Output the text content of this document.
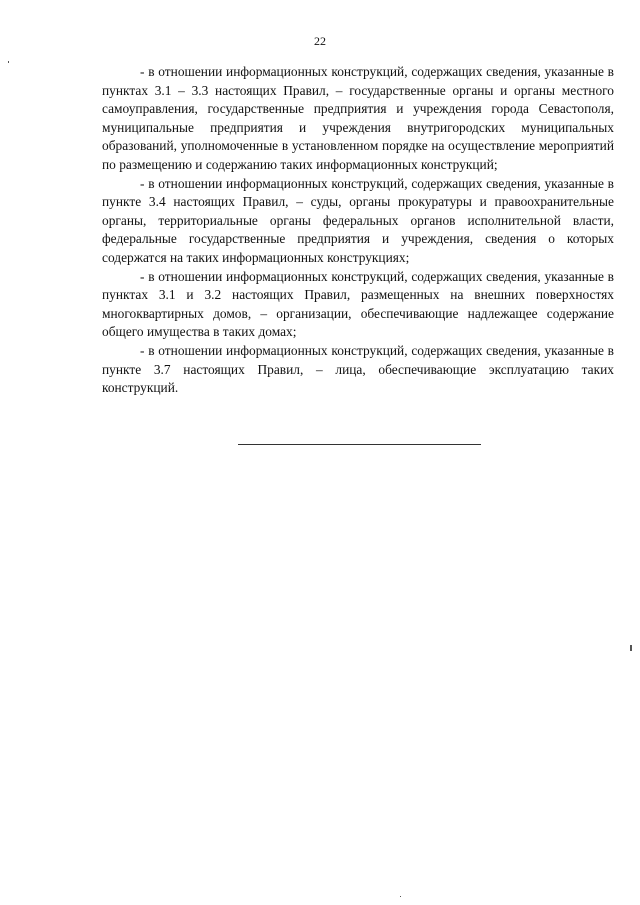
22

- в отношении информационных конструкций, содержащих сведения, указанные в пунктах 3.1 – 3.3 настоящих Правил, – государственные органы и органы местного самоуправления, государственные предприятия и учреждения города Севастополя, муниципальные предприятия и учреждения внутригородских муниципальных образований, уполномоченные в установленном порядке на осуществление мероприятий по размещению и содержанию таких информационных конструкций;

- в отношении информационных конструкций, содержащих сведения, указанные в пункте 3.4 настоящих Правил, – суды, органы прокуратуры и правоохранительные органы, территориальные органы федеральных органов исполнительной власти, федеральные государственные предприятия и учреждения, сведения о которых содержатся на таких информационных конструкциях;

- в отношении информационных конструкций, содержащих сведения, указанные в пунктах 3.1 и 3.2 настоящих Правил, размещенных на внешних поверхностях многоквартирных домов, – организации, обеспечивающие надлежащее содержание общего имущества в таких домах;

- в отношении информационных конструкций, содержащих сведения, указанные в пункте 3.7 настоящих Правил, – лица, обеспечивающие эксплуатацию таких конструкций.
